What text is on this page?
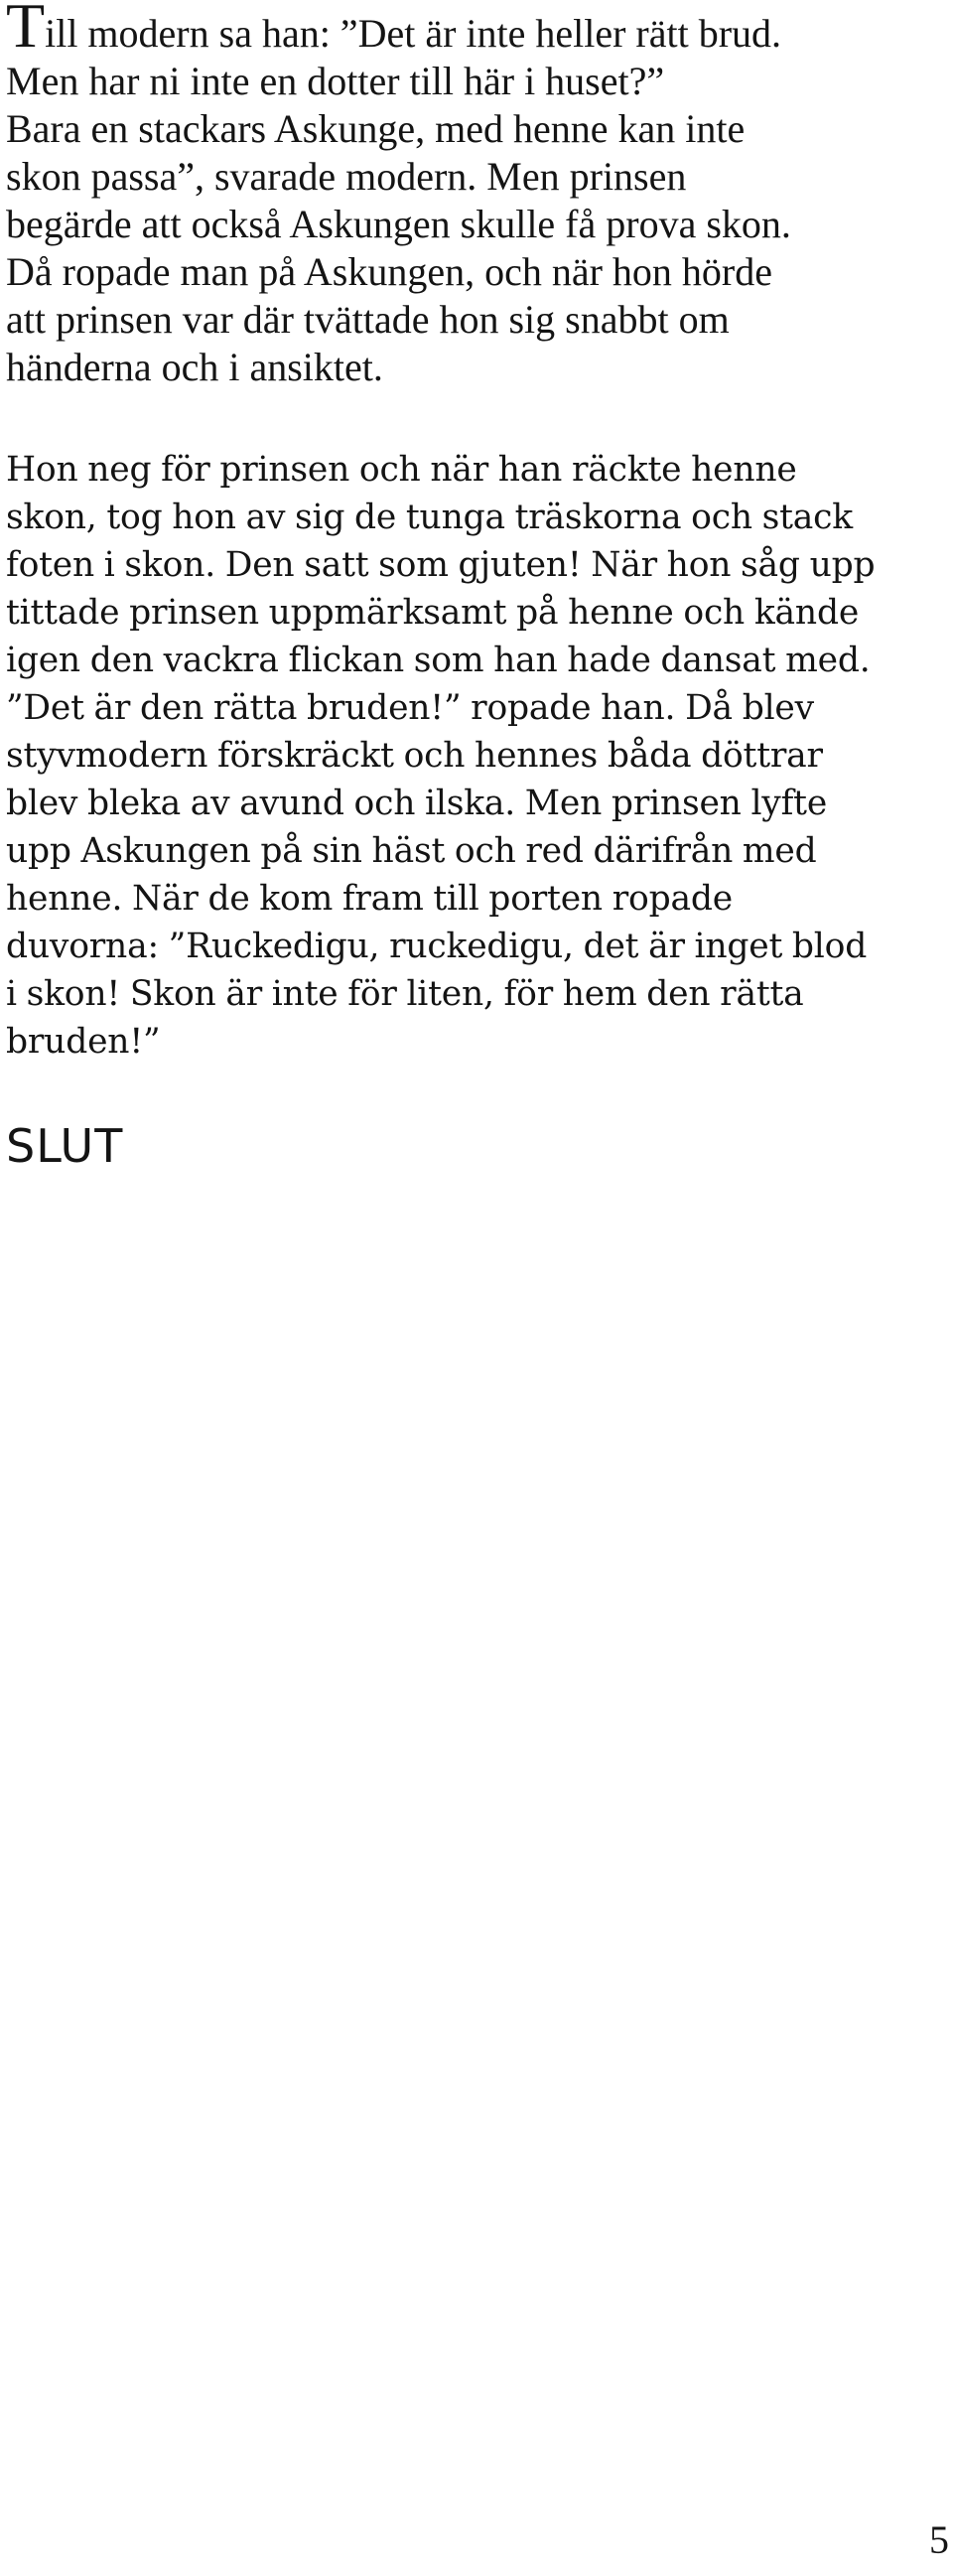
Till modern sa han: ”Det är inte heller rätt brud.
Men har ni inte en dotter till här i huset?”
Bara en stackars Askunge, med henne kan inte
skon passa”, svarade modern. Men prinsen
begärde att också Askungen skulle få prova skon.
Då ropade man på Askungen, och när hon hörde
att prinsen var där tvättade hon sig snabbt om
händerna och i ansiktet.

Hon neg för prinsen och när han räckte henne
skon, tog hon av sig de tunga träskorna och stack
foten i skon. Den satt som gjuten! När hon såg upp
tittade prinsen uppmärksamt på henne och kände
igen den vackra flickan som han hade dansat med.
”Det är den rätta bruden!” ropade han. Då blev
styvmodern förskräckt och hennes båda döttrar
blev bleka av avund och ilska. Men prinsen lyfte
upp Askungen på sin häst och red därifrån med
henne. När de kom fram till porten ropade
duvorna: ”Ruckedigu, ruckedigu, det är inget blod
i skon! Skon är inte för liten, för hem den rätta
bruden!”

SLUT
5
